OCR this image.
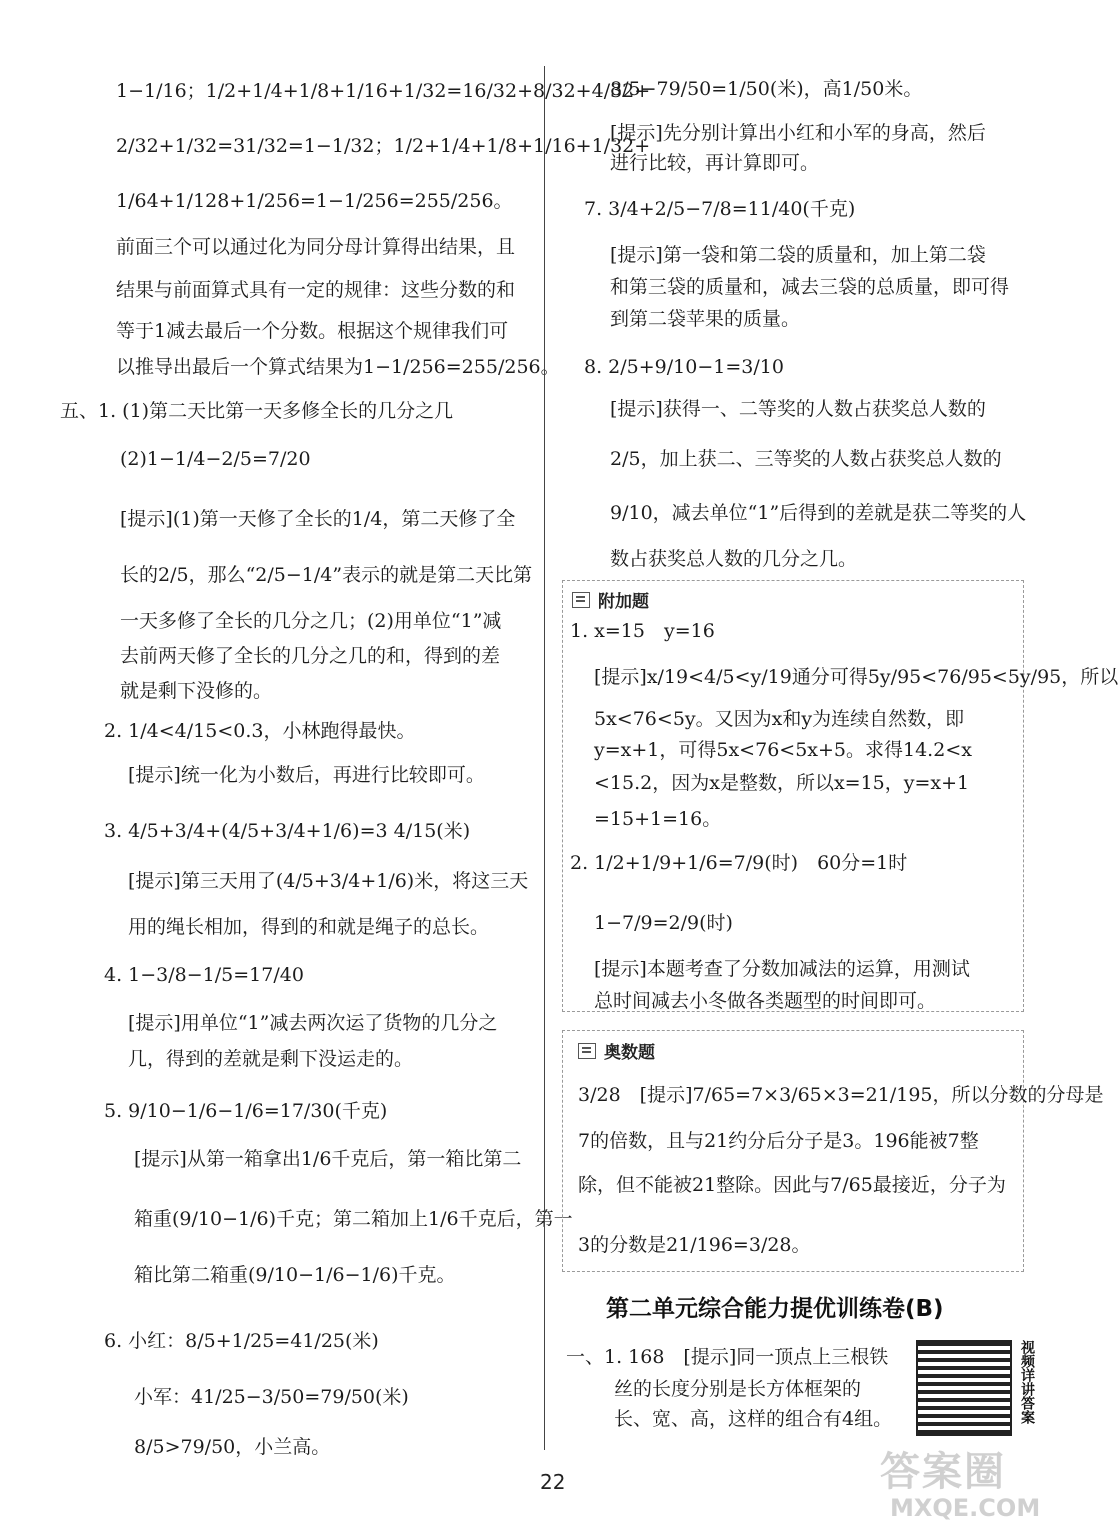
1−1/16；1/2+1/4+1/8+1/16+1/32=16/32+8/32+4/32+
2/32+1/32=31/32=1−1/32；1/2+1/4+1/8+1/16+1/32+
1/64+1/128+1/256=1−1/256=255/256。
前面三个可以通过化为同分母计算得出结果，且
结果与前面算式具有一定的规律：这些分数的和
等于1减去最后一个分数。根据这个规律我们可
以推导出最后一个算式结果为1−1/256=255/256。
五、1. (1)第二天比第一天多修全长的几分之几
(2)1−1/4−2/5=7/20
[提示](1)第一天修了全长的1/4，第二天修了全
长的2/5，那么“2/5−1/4”表示的就是第二天比第
一天多修了全长的几分之几；(2)用单位“1”减
去前两天修了全长的几分之几的和，得到的差
就是剩下没修的。
2. 1/4<4/15<0.3，小林跑得最快。
[提示]统一化为小数后，再进行比较即可。
3. 4/5+3/4+(4/5+3/4+1/6)=3 4/15(米)
[提示]第三天用了(4/5+3/4+1/6)米，将这三天
用的绳长相加，得到的和就是绳子的总长。
4. 1−3/8−1/5=17/40
[提示]用单位“1”减去两次运了货物的几分之
几，得到的差就是剩下没运走的。
5. 9/10−1/6−1/6=17/30(千克)
[提示]从第一箱拿出1/6千克后，第一箱比第二
箱重(9/10−1/6)千克；第二箱加上1/6千克后，第一
箱比第二箱重(9/10−1/6−1/6)千克。
6. 小红：8/5+1/25=41/25(米)
小军：41/25−3/50=79/50(米)
8/5>79/50，小兰高。
8/5−79/50=1/50(米)，高1/50米。
[提示]先分别计算出小红和小军的身高，然后
进行比较，再计算即可。
7. 3/4+2/5−7/8=11/40(千克)
[提示]第一袋和第二袋的质量和，加上第二袋
和第三袋的质量和，减去三袋的总质量，即可得
到第二袋苹果的质量。
8. 2/5+9/10−1=3/10
[提示]获得一、二等奖的人数占获奖总人数的
2/5，加上获二、三等奖的人数占获奖总人数的
9/10，减去单位“1”后得到的差就是获二等奖的人
数占获奖总人数的几分之几。
附加题
1. x=15　y=16
[提示]x/19<4/5<y/19通分可得5y/95<76/95<5y/95，所以
5x<76<5y。又因为x和y为连续自然数，即
y=x+1，可得5x<76<5x+5。求得14.2<x
<15.2，因为x是整数，所以x=15，y=x+1
=15+1=16。
2. 1/2+1/9+1/6=7/9(时)　60分=1时
1−7/9=2/9(时)
[提示]本题考查了分数加减法的运算，用测试
总时间减去小冬做各类题型的时间即可。
奥数题
3/28　[提示]7/65=7×3/65×3=21/195，所以分数的分母是
7的倍数，且与21约分后分子是3。196能被7整
除，但不能被21整除。因此与7/65最接近，分子为
3的分数是21/196=3/28。
第二单元综合能力提优训练卷(B)
一、1. 168　[提示]同一顶点上三根铁
丝的长度分别是长方体框架的
长、宽、高，这样的组合有4组。	视频详讲答案
22	答案圈
MXQE.COM
